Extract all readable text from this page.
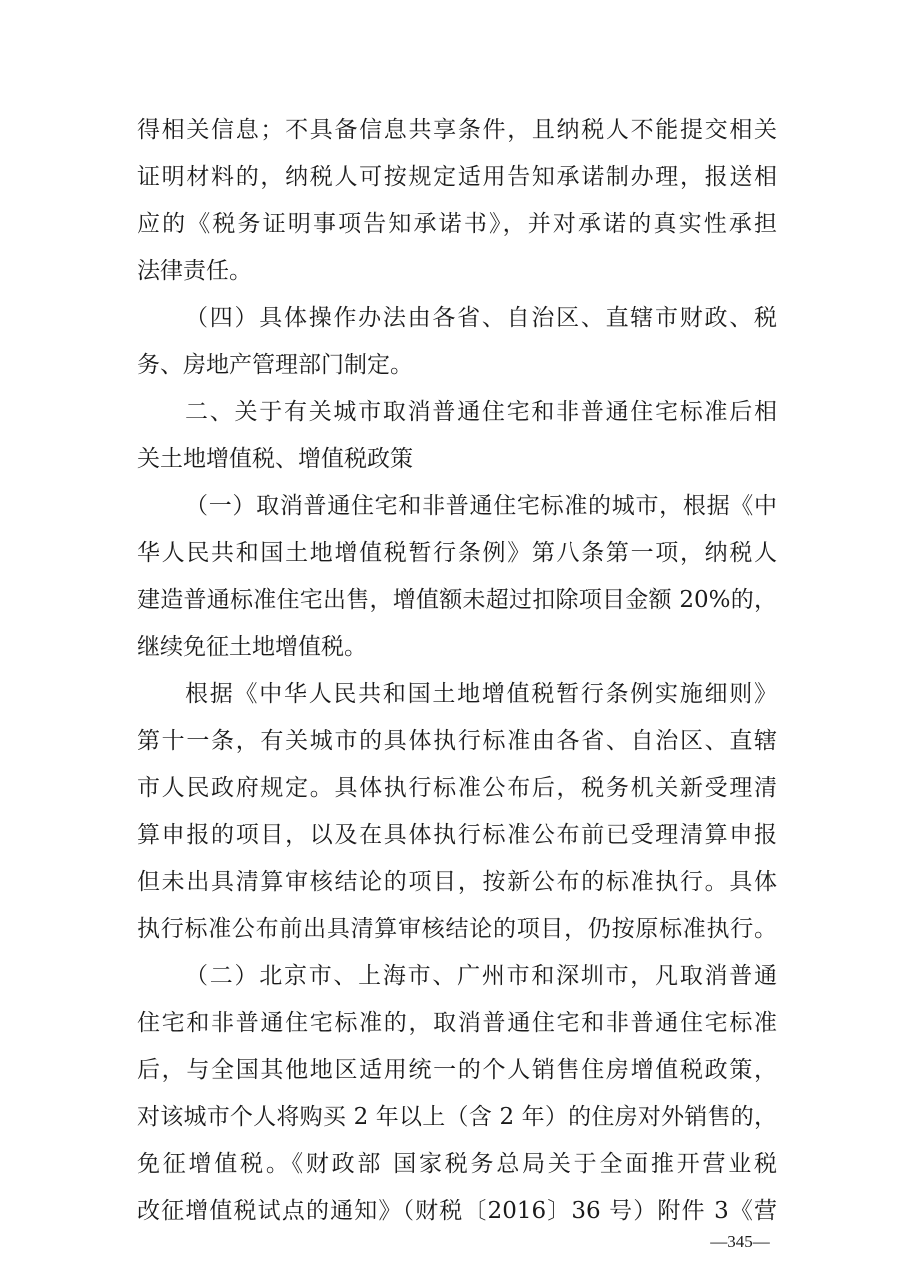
得相关信息；不具备信息共享条件，且纳税人不能提交相关
证明材料的，纳税人可按规定适用告知承诺制办理，报送相
应的《税务证明事项告知承诺书》，并对承诺的真实性承担
法律责任。
（四）具体操作办法由各省、自治区、直辖市财政、税
务、房地产管理部门制定。
二、关于有关城市取消普通住宅和非普通住宅标准后相
关土地增值税、增值税政策
（一）取消普通住宅和非普通住宅标准的城市，根据《中
华人民共和国土地增值税暂行条例》第八条第一项，纳税人
建造普通标准住宅出售，增值额未超过扣除项目金额 20%的，
继续免征土地增值税。
根据《中华人民共和国土地增值税暂行条例实施细则》
第十一条，有关城市的具体执行标准由各省、自治区、直辖
市人民政府规定。具体执行标准公布后，税务机关新受理清
算申报的项目，以及在具体执行标准公布前已受理清算申报
但未出具清算审核结论的项目，按新公布的标准执行。具体
执行标准公布前出具清算审核结论的项目，仍按原标准执行。
（二）北京市、上海市、广州市和深圳市，凡取消普通
住宅和非普通住宅标准的，取消普通住宅和非普通住宅标准
后，与全国其他地区适用统一的个人销售住房增值税政策，
对该城市个人将购买 2 年以上（含 2 年）的住房对外销售的，
免征增值税。《财政部 国家税务总局关于全面推开营业税
改征增值税试点的通知》（财税〔2016〕36 号）附件 3《营
—345—
